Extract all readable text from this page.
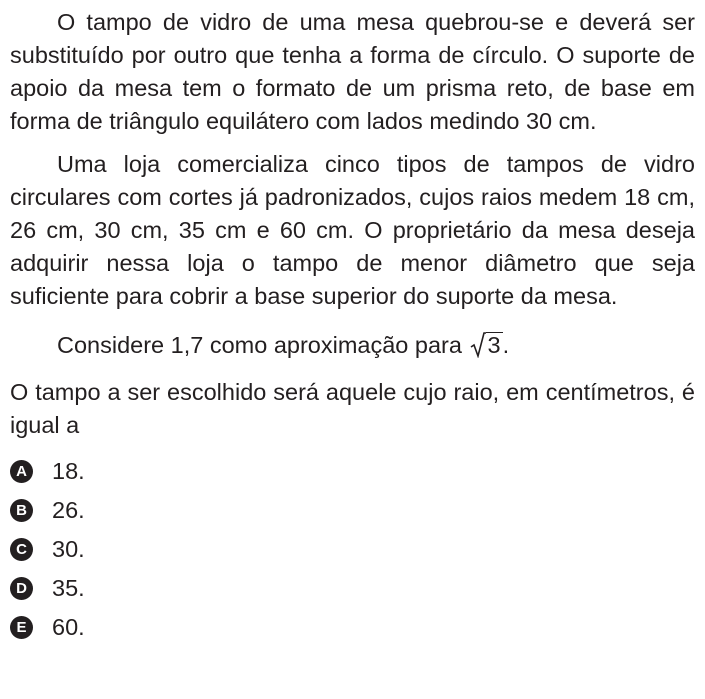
O tampo de vidro de uma mesa quebrou-se e deverá ser substituído por outro que tenha a forma de círculo. O suporte de apoio da mesa tem o formato de um prisma reto, de base em forma de triângulo equilátero com lados medindo 30 cm.

Uma loja comercializa cinco tipos de tampos de vidro circulares com cortes já padronizados, cujos raios medem 18 cm, 26 cm, 30 cm, 35 cm e 60 cm. O proprietário da mesa deseja adquirir nessa loja o tampo de menor diâmetro que seja suficiente para cobrir a base superior do suporte da mesa.

Considere 1,7 como aproximação para 3.

O tampo a ser escolhido será aquele cujo raio, em centímetros, é igual a

A 18.
B 26.
C 30.
D 35.
E 60.
